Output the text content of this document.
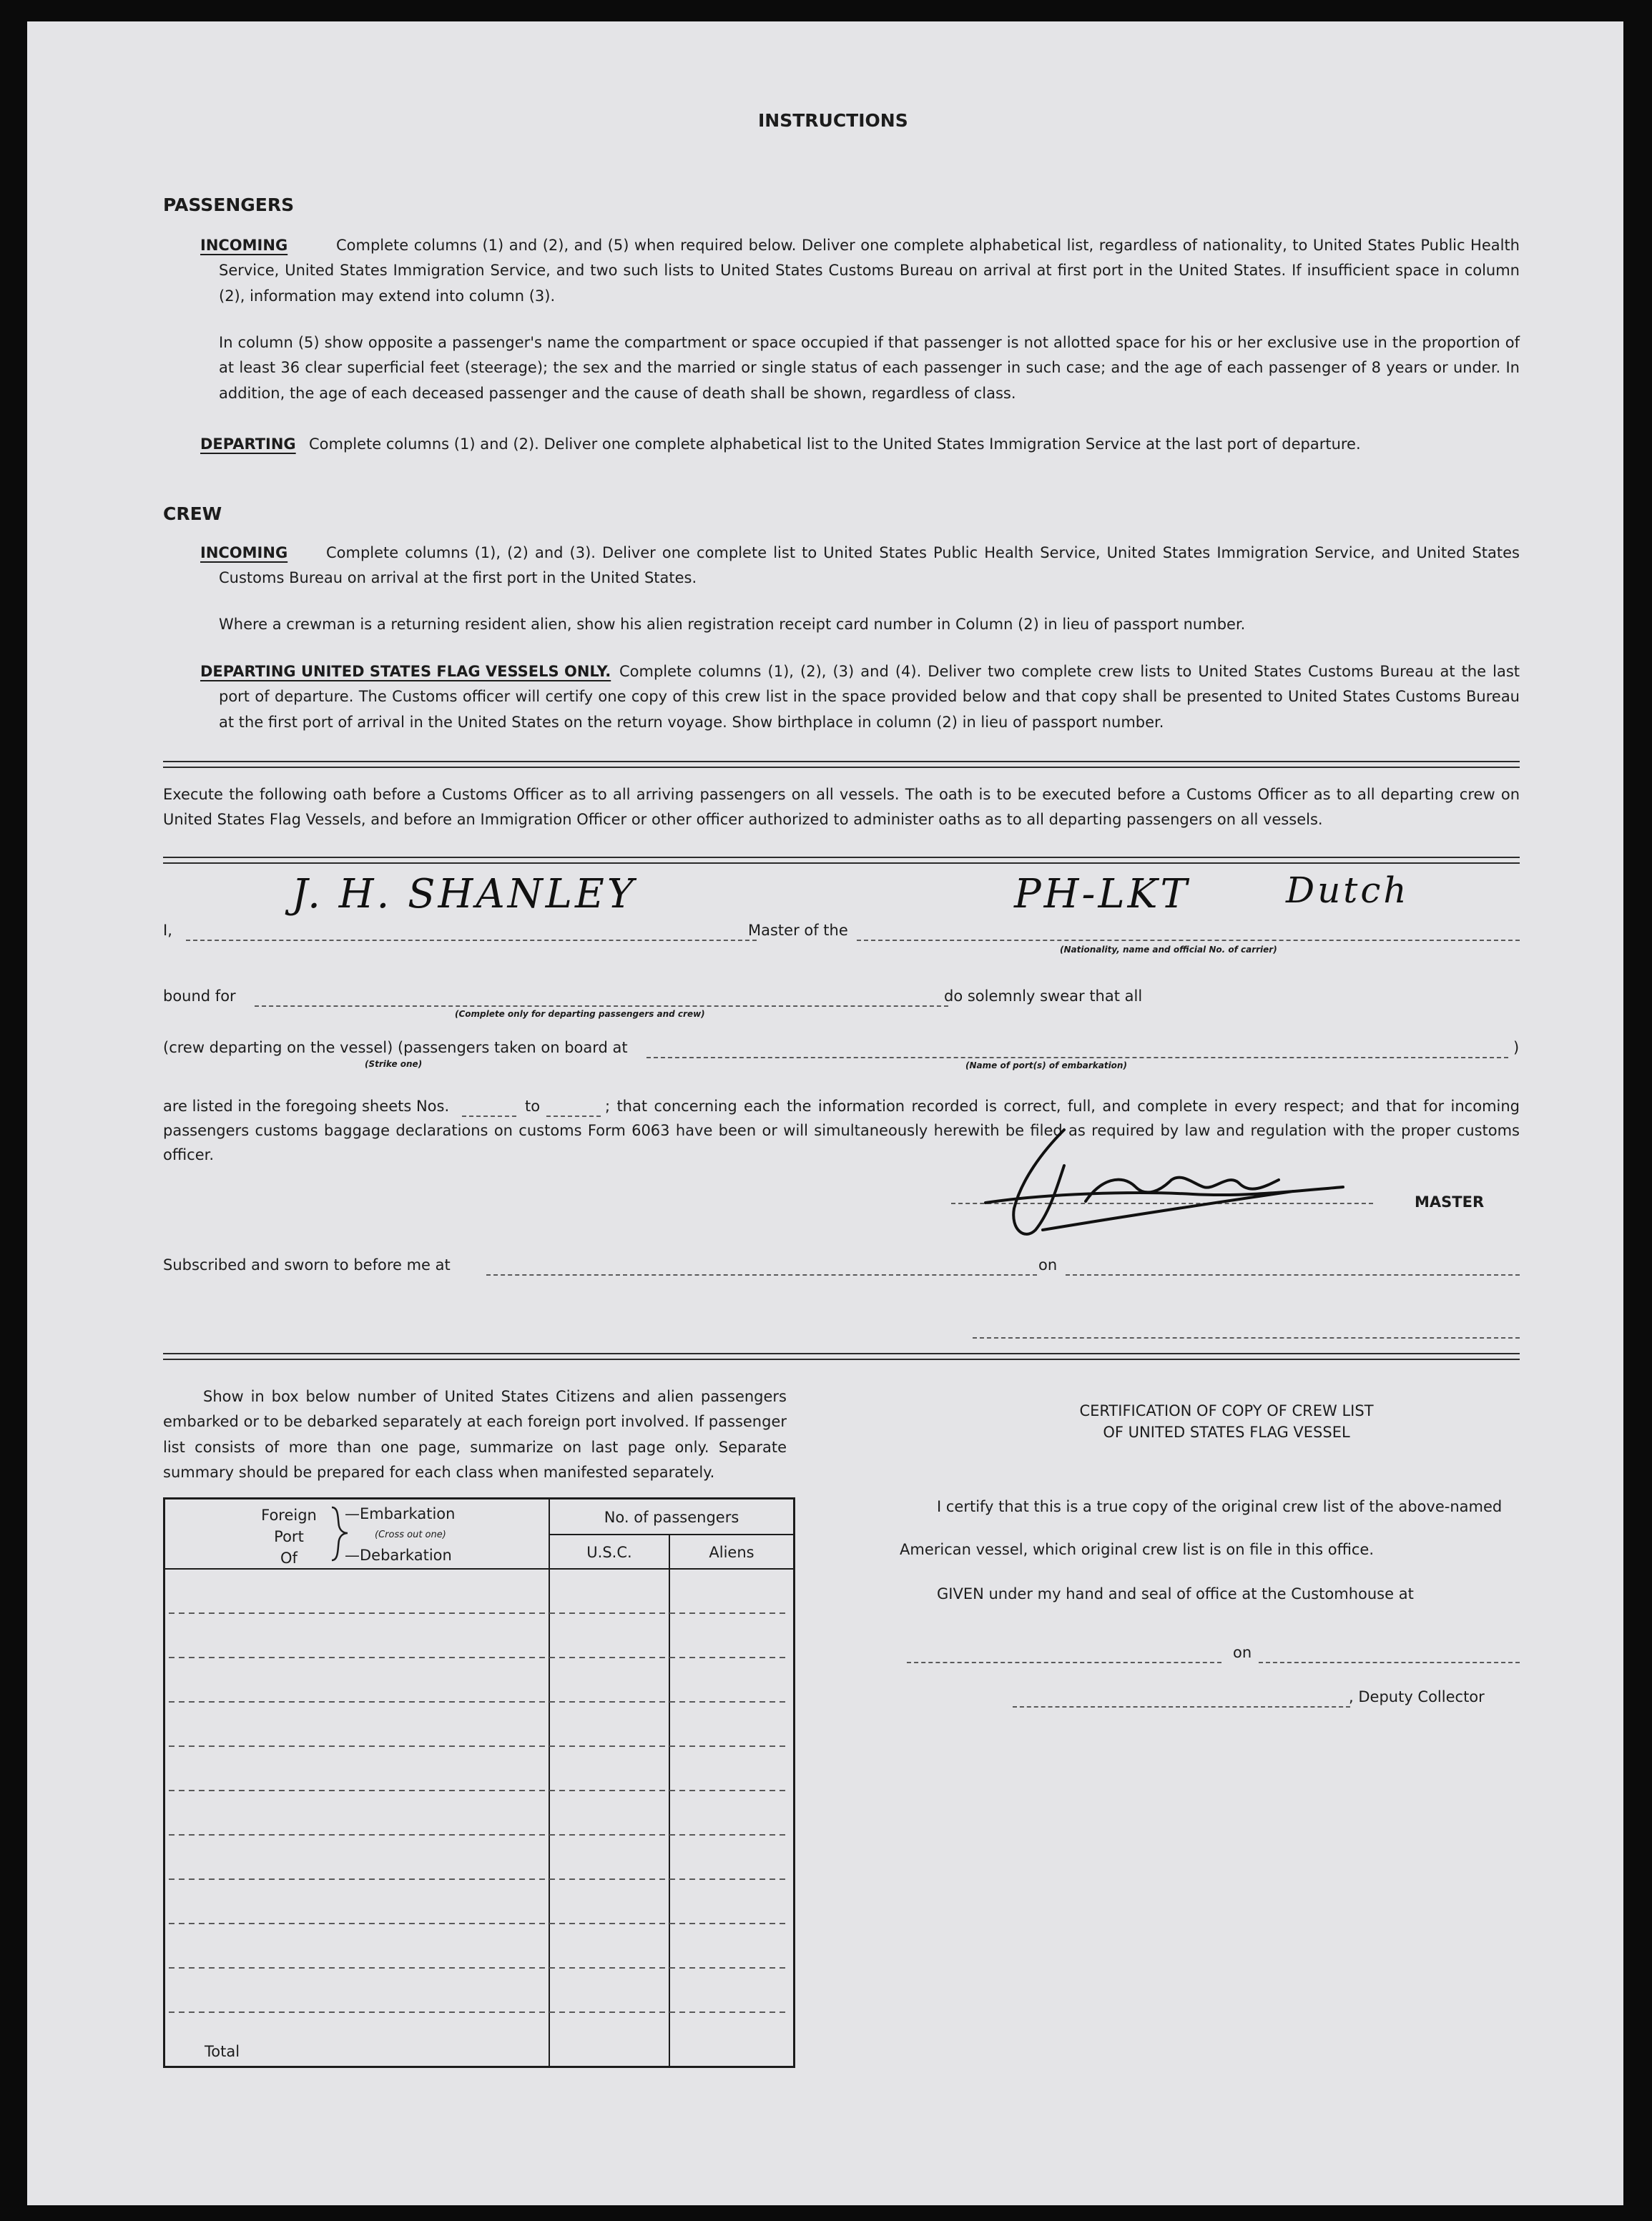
INSTRUCTIONS
PASSENGERS
INCOMING	Complete columns (1) and (2), and (5) when required below. Deliver one complete alphabetical list, regardless of nationality, to United States Public Health Service, United States Immigration Service, and two such lists to United States Customs Bureau on arrival at first port in the United States. If insufficient space in column (2), information may extend into column (3).
In column (5) show opposite a passenger's name the compartment or space occupied if that passenger is not allotted space for his or her exclusive use in the proportion of at least 36 clear superficial feet (steerage); the sex and the married or single status of each passenger in such case; and the age of each passenger of 8 years or under. In addition, the age of each deceased passenger and the cause of death shall be shown, regardless of class.
DEPARTING Complete columns (1) and (2). Deliver one complete alphabetical list to the United States Immigration Service at the last port of departure.
CREW
INCOMING	Complete columns (1), (2) and (3). Deliver one complete list to United States Public Health Service, United States Immigration Service, and United States Customs Bureau on arrival at the first port in the United States.
Where a crewman is a returning resident alien, show his alien registration receipt card number in Column (2) in lieu of passport number.
DEPARTING UNITED STATES FLAG VESSELS ONLY. Complete columns (1), (2), (3) and (4). Deliver two complete crew lists to United States Customs Bureau at the last port of departure. The Customs officer will certify one copy of this crew list in the space provided below and that copy shall be presented to United States Customs Bureau at the first port of arrival in the United States on the return voyage. Show birthplace in column (2) in lieu of passport number.
Execute the following oath before a Customs Officer as to all arriving passengers on all vessels. The oath is to be executed before a Customs Officer as to all departing crew on United States Flag Vessels, and before an Immigration Officer or other officer authorized to administer oaths as to all departing passengers on all vessels.
I,
J. H. SHANLEY
Master of the
PH-LKT	Dutch
(Nationality, name and official No. of carrier)
bound for
(Complete only for departing passengers and crew)
do solemnly swear that all
(crew departing on the vessel) (passengers taken on board at
(Strike one)	(Name of port(s) of embarkation)
)
are listed in the foregoing sheets Nos.	to	; that concerning each the information recorded is correct, full, and complete in every respect; and that for incoming
passengers customs baggage declarations on customs Form 6063 have been or will simultaneously herewith be filed as required by law and regulation with the proper customs
officer.
MASTER
Subscribed and sworn to before me at	on
Show in box below number of United States Citizens and alien passengers embarked or to be debarked separately at each foreign port involved. If passenger list consists of more than one page, summarize on last page only. Separate summary should be prepared for each class when manifested separately.
Foreign
Port
Of
—Embarkation
(Cross out one)
—Debarkation
No. of passengers
U.S.C.	Aliens
Total
CERTIFICATION OF COPY OF CREW LIST
OF UNITED STATES FLAG VESSEL
I certify that this is a true copy of the original crew list of the above-named
American vessel, which original crew list is on file in this office.
GIVEN under my hand and seal of office at the Customhouse at
on
, Deputy Collector
